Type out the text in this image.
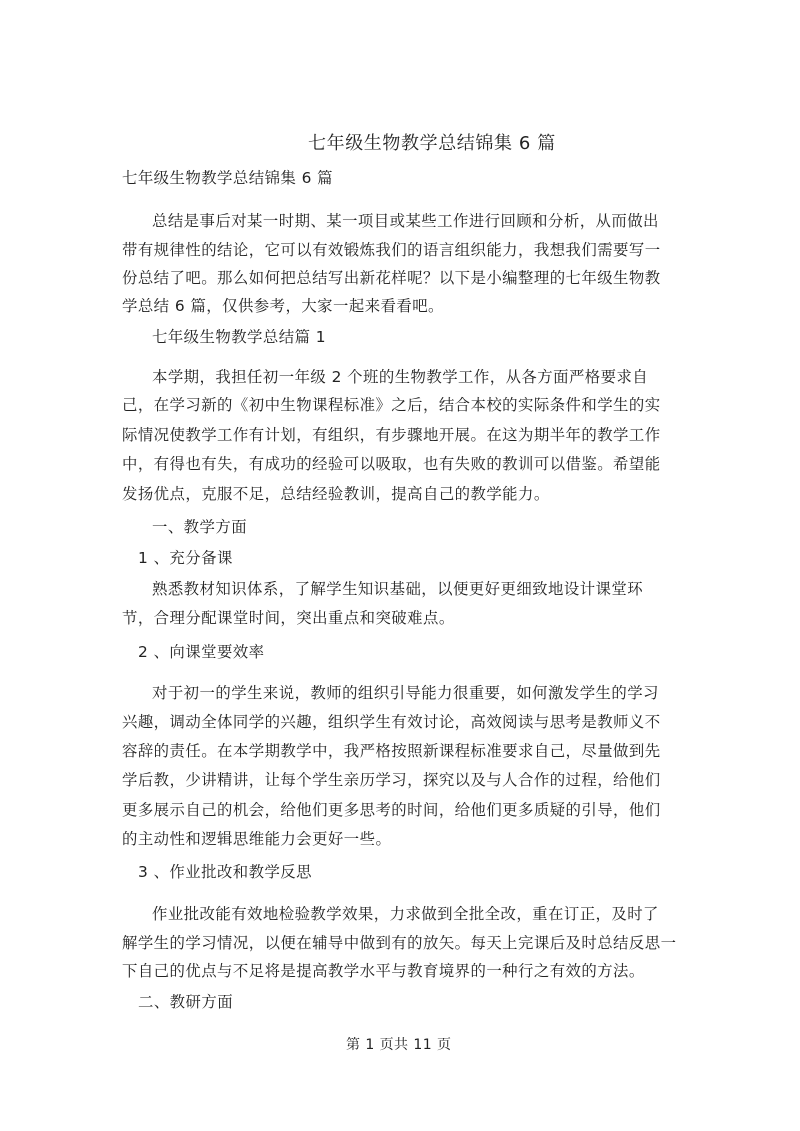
七年级生物教学总结锦集 6 篇
七年级生物教学总结锦集 6 篇
总结是事后对某一时期、某一项目或某些工作进行回顾和分析，从而做出
带有规律性的结论，它可以有效锻炼我们的语言组织能力，我想我们需要写一
份总结了吧。那么如何把总结写出新花样呢？以下是小编整理的七年级生物教
学总结 6 篇，仅供参考，大家一起来看看吧。
七年级生物教学总结篇 1
本学期，我担任初一年级 2 个班的生物教学工作，从各方面严格要求自
己，在学习新的《初中生物课程标准》之后，结合本校的实际条件和学生的实
际情况使教学工作有计划，有组织，有步骤地开展。在这为期半年的教学工作
中，有得也有失，有成功的经验可以吸取，也有失败的教训可以借鉴。希望能
发扬优点，克服不足，总结经验教训，提高自己的教学能力。
一、教学方面
1 、充分备课
熟悉教材知识体系，了解学生知识基础，以便更好更细致地设计课堂环
节，合理分配课堂时间，突出重点和突破难点。
2 、向课堂要效率
对于初一的学生来说，教师的组织引导能力很重要，如何激发学生的学习
兴趣，调动全体同学的兴趣，组织学生有效讨论，高效阅读与思考是教师义不
容辞的责任。在本学期教学中，我严格按照新课程标准要求自己，尽量做到先
学后教，少讲精讲，让每个学生亲历学习，探究以及与人合作的过程，给他们
更多展示自己的机会，给他们更多思考的时间，给他们更多质疑的引导，他们
的主动性和逻辑思维能力会更好一些。
3 、作业批改和教学反思
作业批改能有效地检验教学效果，力求做到全批全改，重在订正，及时了
解学生的学习情况，以便在辅导中做到有的放矢。每天上完课后及时总结反思一
下自己的优点与不足将是提高教学水平与教育境界的一种行之有效的方法。
二、教研方面
第 1 页共 11 页
